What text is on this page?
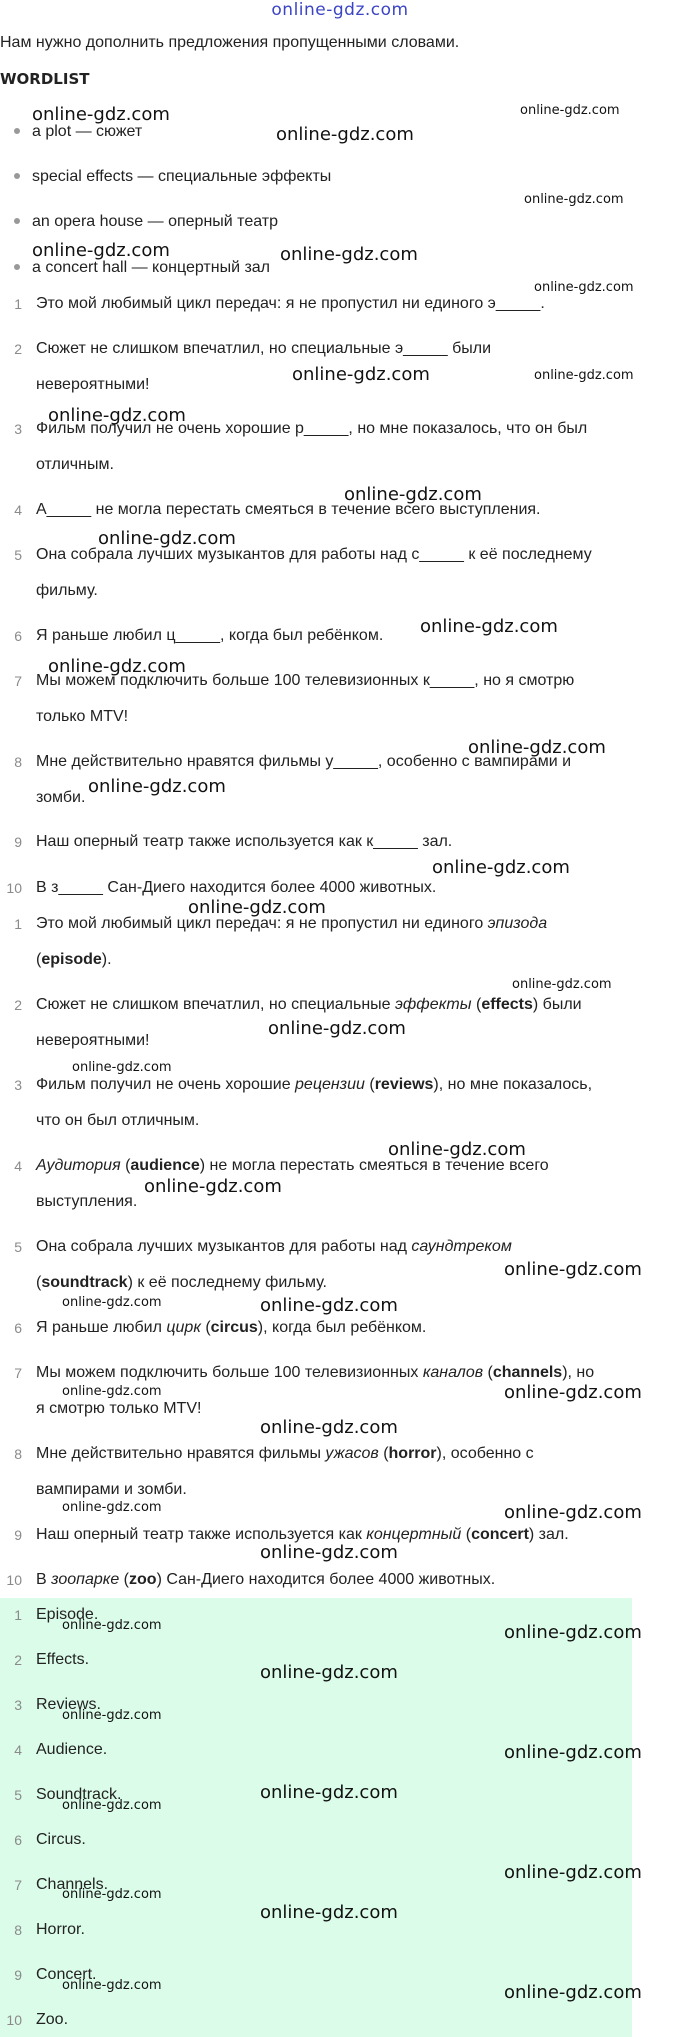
online-gdz.com
Нам нужно дополнить предложения пропущенными словами.
WORDLIST
a plot — сюжет
special effects — специальные эффекты
an opera house — оперный театр
a concert hall — концертный зал
1 Это мой любимый цикл передач: я не пропустил ни единого э_____.
2 Сюжет не слишком впечатлил, но специальные э_____ были
невероятными!
3 Фильм получил не очень хорошие р_____, но мне показалось, что он был
отличным.
4 А_____ не могла перестать смеяться в течение всего выступления.
5 Она собрала лучших музыкантов для работы над с_____ к её последнему
фильму.
6 Я раньше любил ц_____, когда был ребёнком.
7 Мы можем подключить больше 100 телевизионных к_____, но я смотрю
только MTV!
8 Мне действительно нравятся фильмы у_____, особенно с вампирами и
зомби.
9 Наш оперный театр также используется как к_____ зал.
10 В з_____ Сан-Диего находится более 4000 животных.
1 Это мой любимый цикл передач: я не пропустил ни единого эпизода
(episode).
2 Сюжет не слишком впечатлил, но специальные эффекты (effects) были
невероятными!
3 Фильм получил не очень хорошие рецензии (reviews), но мне показалось,
что он был отличным.
4 Аудитория (audience) не могла перестать смеяться в течение всего
выступления.
5 Она собрала лучших музыкантов для работы над саундтреком
(soundtrack) к её последнему фильму.
6 Я раньше любил цирк (circus), когда был ребёнком.
7 Мы можем подключить больше 100 телевизионных каналов (channels), но
я смотрю только MTV!
8 Мне действительно нравятся фильмы ужасов (horror), особенно с
вампирами и зомби.
9 Наш оперный театр также используется как концертный (concert) зал.
10 В зоопарке (zoo) Сан-Диего находится более 4000 животных.
1 Episode.
2 Effects.
3 Reviews.
4 Audience.
5 Soundtrack.
6 Circus.
7 Channels.
8 Horror.
9 Concert.
10 Zoo.
online-gdz.com
online-gdz.com
online-gdz.com
online-gdz.com
online-gdz.com	online-gdz.com
online-gdz.com
online-gdz.com	online-gdz.com
online-gdz.com
online-gdz.com
online-gdz.com
online-gdz.com
online-gdz.com
online-gdz.com
online-gdz.com
online-gdz.com
online-gdz.com
online-gdz.com
online-gdz.com
online-gdz.com
online-gdz.com
online-gdz.com
online-gdz.com
online-gdz.com	online-gdz.com
online-gdz.com
online-gdz.com
online-gdz.com
online-gdz.com	online-gdz.com
online-gdz.com
online-gdz.com	online-gdz.com
online-gdz.com
online-gdz.com
online-gdz.com
online-gdz.com
online-gdz.com
online-gdz.com
online-gdz.com
online-gdz.com
online-gdz.com	online-gdz.com
